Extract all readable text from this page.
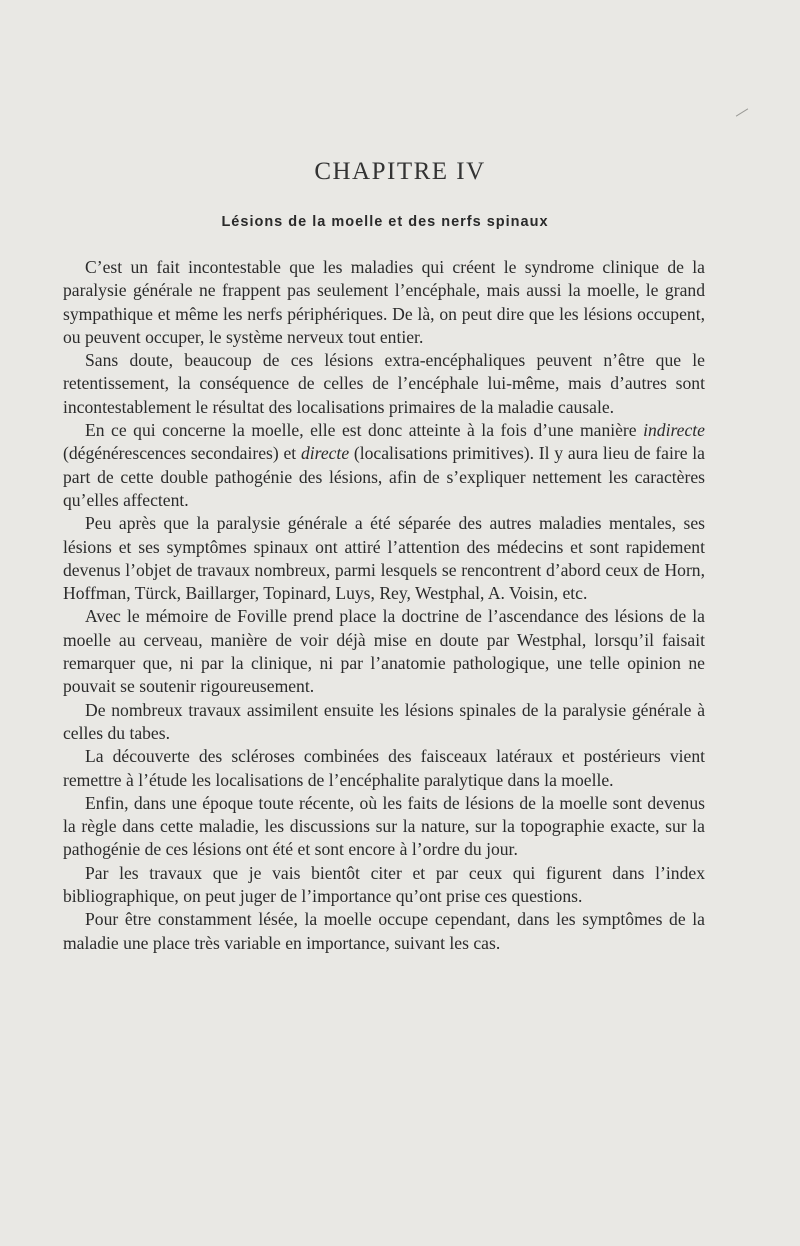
CHAPITRE IV
Lésions de la moelle et des nerfs spinaux

C’est un fait incontestable que les maladies qui créent le syndrome clinique de la paralysie générale ne frappent pas seulement l’encéphale, mais aussi la moelle, le grand sympathique et même les nerfs périphériques. De là, on peut dire que les lésions occupent, ou peuvent occuper, le système nerveux tout entier.

Sans doute, beaucoup de ces lésions extra-encéphaliques peuvent n’être que le retentissement, la conséquence de celles de l’encéphale lui-même, mais d’autres sont incontestablement le résultat des localisations primaires de la maladie causale.

En ce qui concerne la moelle, elle est donc atteinte à la fois d’une manière indirecte (dégénérescences secondaires) et directe (localisations primitives). Il y aura lieu de faire la part de cette double pathogénie des lésions, afin de s’expliquer nettement les caractères qu’elles affectent.

Peu après que la paralysie générale a été séparée des autres maladies mentales, ses lésions et ses symptômes spinaux ont attiré l’attention des médecins et sont rapidement devenus l’objet de travaux nombreux, parmi lesquels se rencontrent d’abord ceux de Horn, Hoffman, Türck, Baillarger, Topinard, Luys, Rey, Westphal, A. Voisin, etc.

Avec le mémoire de Foville prend place la doctrine de l’ascendance des lésions de la moelle au cerveau, manière de voir déjà mise en doute par Westphal, lorsqu’il faisait remarquer que, ni par la clinique, ni par l’anatomie pathologique, une telle opinion ne pouvait se soutenir rigoureusement.

De nombreux travaux assimilent ensuite les lésions spinales de la paralysie générale à celles du tabes.

La découverte des scléroses combinées des faisceaux latéraux et postérieurs vient remettre à l’étude les localisations de l’encéphalite paralytique dans la moelle.

Enfin, dans une époque toute récente, où les faits de lésions de la moelle sont devenus la règle dans cette maladie, les discussions sur la nature, sur la topographie exacte, sur la pathogénie de ces lésions ont été et sont encore à l’ordre du jour.

Par les travaux que je vais bientôt citer et par ceux qui figurent dans l’index bibliographique, on peut juger de l’importance qu’ont prise ces questions.

Pour être constamment lésée, la moelle occupe cependant, dans les symptômes de la maladie une place très variable en importance, suivant les cas.
